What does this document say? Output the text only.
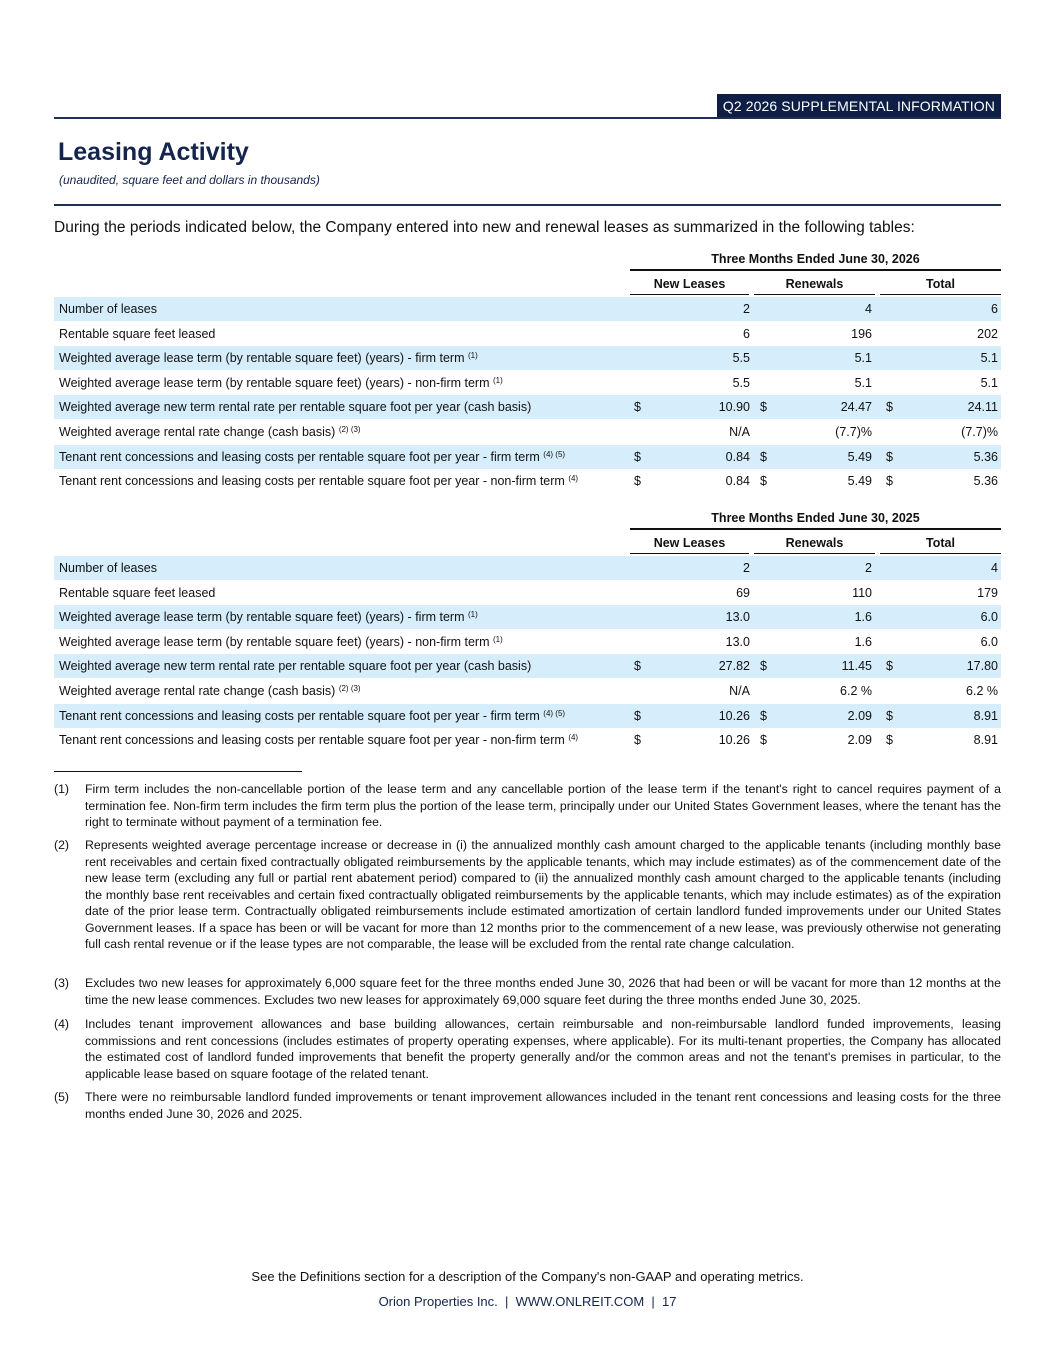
Q2 2026 SUPPLEMENTAL INFORMATION
Leasing Activity
(unaudited, square feet and dollars in thousands)
During the periods indicated below, the Company entered into new and renewal leases as summarized in the following tables:
Three Months Ended June 30, 2026
New Leases	Renewals	Total
Number of leases	2	4	6
Rentable square feet leased	6	196	202
Weighted average lease term (by rentable square feet) (years) - firm term $^{(1)}$	5.5	5.1	5.1
Weighted average lease term (by rentable square feet) (years) - non-firm term $^{(1)}$	5.5	5.1	5.1
Weighted average new term rental rate per rentable square foot per year (cash basis)	$	10.90 $	24.47 $	24.11
Weighted average rental rate change (cash basis) $^{(2) (3)}$	N/A	(7.7)%	(7.7)%
Tenant rent concessions and leasing costs per rentable square foot per year - firm term $^{(4) (5)}$	$	0.84 $	5.49 $	5.36
Tenant rent concessions and leasing costs per rentable square foot per year - non-firm term $^{(4)}$	$	0.84 $	5.49 $	5.36
Three Months Ended June 30, 2025
New Leases	Renewals	Total
Number of leases	2	2	4
Rentable square feet leased	69	110	179
Weighted average lease term (by rentable square feet) (years) - firm term $^{(1)}$	13.0	1.6	6.0
Weighted average lease term (by rentable square feet) (years) - non-firm term $^{(1)}$	13.0	1.6	6.0
Weighted average new term rental rate per rentable square foot per year (cash basis)	$	27.82 $	11.45 $	17.80
Weighted average rental rate change (cash basis) $^{(2) (3)}$	N/A	6.2 %	6.2 %
Tenant rent concessions and leasing costs per rentable square foot per year - firm term $^{(4) (5)}$	$	10.26 $	2.09 $	8.91
Tenant rent concessions and leasing costs per rentable square foot per year - non-firm term $^{(4)}$	$	10.26 $	2.09 $	8.91
(1) Firm term includes the non-cancellable portion of the lease term and any cancellable portion of the lease term if the tenant's right to cancel requires payment of a termination fee. Non-firm term includes the firm term plus the portion of the lease term, principally under our United States Government leases, where the tenant has the right to terminate without payment of a termination fee.
(2) Represents weighted average percentage increase or decrease in (i) the annualized monthly cash amount charged to the applicable tenants (including monthly base rent receivables and certain fixed contractually obligated reimbursements by the applicable tenants, which may include estimates) as of the commencement date of the new lease term (excluding any full or partial rent abatement period) compared to (ii) the annualized monthly cash amount charged to the applicable tenants (including the monthly base rent receivables and certain fixed contractually obligated reimbursements by the applicable tenants, which may include estimates) as of the expiration date of the prior lease term. Contractually obligated reimbursements include estimated amortization of certain landlord funded improvements under our United States Government leases. If a space has been or will be vacant for more than 12 months prior to the commencement of a new lease, was previously otherwise not generating full cash rental revenue or if the lease types are not comparable, the lease will be excluded from the rental rate change calculation.
(3) Excludes two new leases for approximately 6,000 square feet for the three months ended June 30, 2026 that had been or will be vacant for more than 12 months at the time the new lease commences. Excludes two new leases for approximately 69,000 square feet during the three months ended June 30, 2025.
(4) Includes tenant improvement allowances and base building allowances, certain reimbursable and non-reimbursable landlord funded improvements, leasing commissions and rent concessions (includes estimates of property operating expenses, where applicable). For its multi-tenant properties, the Company has allocated the estimated cost of landlord funded improvements that benefit the property generally and/or the common areas and not the tenant's premises in particular, to the applicable lease based on square footage of the related tenant.
(5) There were no reimbursable landlord funded improvements or tenant improvement allowances included in the tenant rent concessions and leasing costs for the three months ended June 30, 2026 and 2025.
See the Definitions section for a description of the Company's non-GAAP and operating metrics.
Orion Properties Inc.  |  WWW.ONLREIT.COM  |  17
